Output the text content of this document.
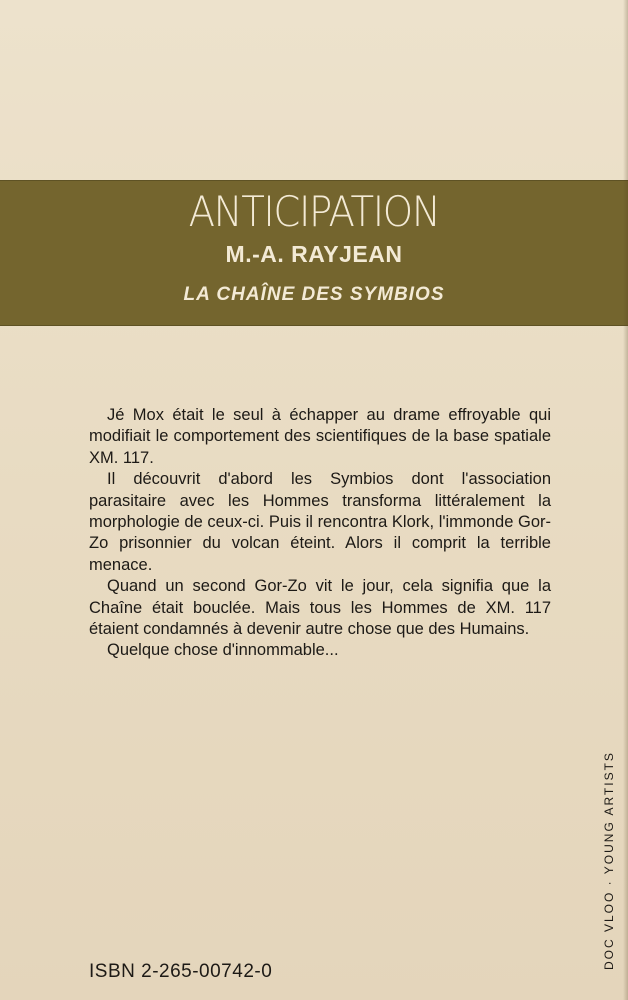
ANTICIPATION
M.-A. RAYJEAN
LA CHAÎNE DES SYMBIOS

Jé Mox était le seul à échapper au drame effroyable qui modifiait le comportement des scientifiques de la base spatiale XM. 117.

Il découvrit d'abord les Symbios dont l'association parasitaire avec les Hommes transforma littéralement la morphologie de ceux-ci. Puis il rencontra Klork, l'immonde Gor-Zo prisonnier du volcan éteint. Alors il comprit la terrible menace.

Quand un second Gor-Zo vit le jour, cela signifia que la Chaîne était bouclée. Mais tous les Hommes de XM. 117 étaient condamnés à devenir autre chose que des Humains.

Quelque chose d'innommable...

ISBN 2-265-00742-0
DOC VLOO · YOUNG ARTISTS
